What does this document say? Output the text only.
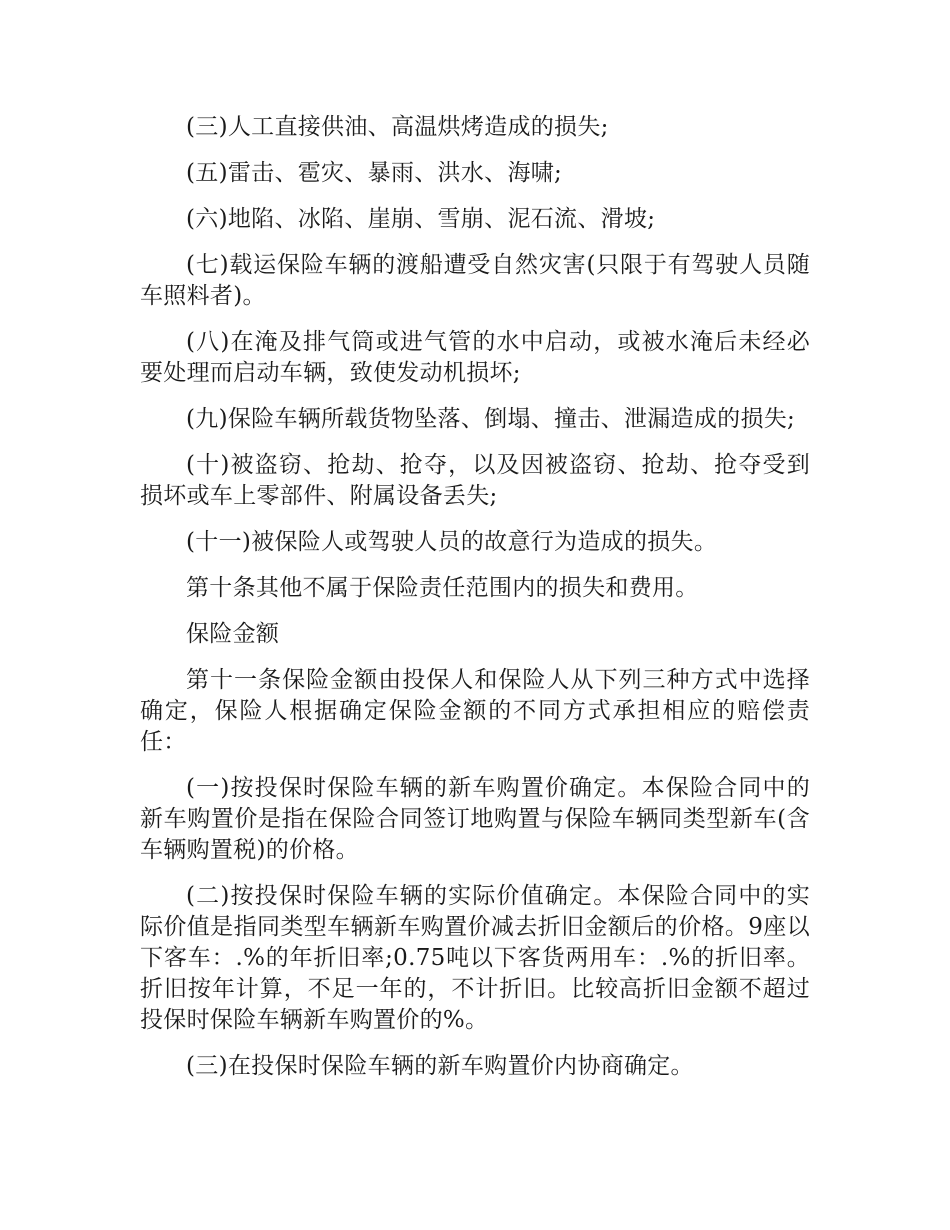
(三)人工直接供油、高温烘烤造成的损失;

(五)雷击、雹灾、暴雨、洪水、海啸;

(六)地陷、冰陷、崖崩、雪崩、泥石流、滑坡;

(七)载运保险车辆的渡船遭受自然灾害(只限于有驾驶人员随车照料者)。

(八)在淹及排气筒或进气管的水中启动，或被水淹后未经必要处理而启动车辆，致使发动机损坏;

(九)保险车辆所载货物坠落、倒塌、撞击、泄漏造成的损失;

(十)被盗窃、抢劫、抢夺，以及因被盗窃、抢劫、抢夺受到损坏或车上零部件、附属设备丢失;

(十一)被保险人或驾驶人员的故意行为造成的损失。

第十条其他不属于保险责任范围内的损失和费用。

保险金额

第十一条保险金额由投保人和保险人从下列三种方式中选择确定，保险人根据确定保险金额的不同方式承担相应的赔偿责任：

(一)按投保时保险车辆的新车购置价确定。本保险合同中的新车购置价是指在保险合同签订地购置与保险车辆同类型新车(含车辆购置税)的价格。

(二)按投保时保险车辆的实际价值确定。本保险合同中的实际价值是指同类型车辆新车购置价减去折旧金额后的价格。9座以下客车：.%的年折旧率;0.75吨以下客货两用车：.%的折旧率。折旧按年计算，不足一年的，不计折旧。比较高折旧金额不超过投保时保险车辆新车购置价的%。

(三)在投保时保险车辆的新车购置价内协商确定。
